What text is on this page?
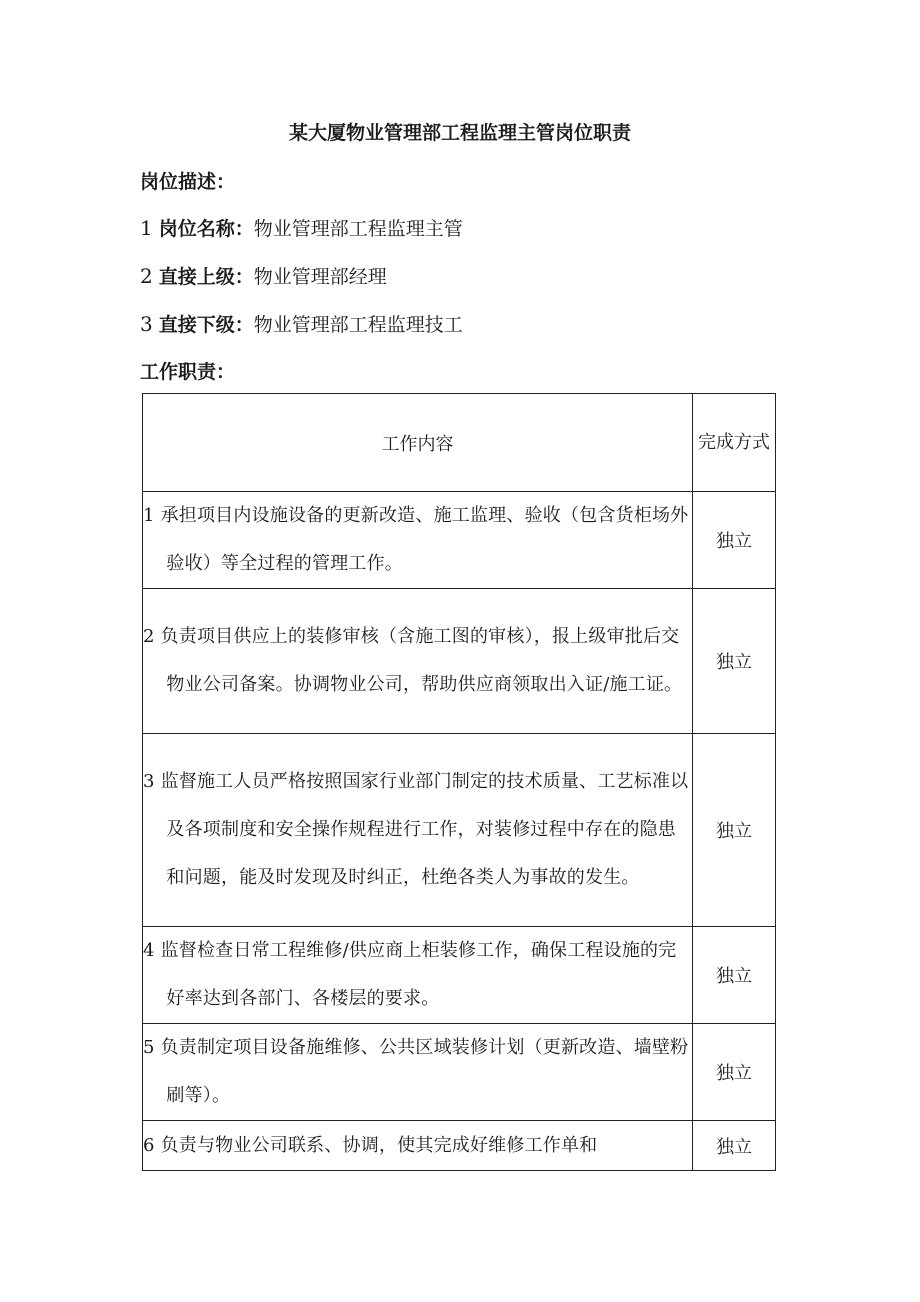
某大厦物业管理部工程监理主管岗位职责
岗位描述：
1 岗位名称：物业管理部工程监理主管
2 直接上级：物业管理部经理
3 直接下级：物业管理部工程监理技工
工作职责：
工作内容	完成方式

1 承担项目内设施设备的更新改造、施工监理、验收（包含货柜场外验收）等全过程的管理工作。	独立

2 负责项目供应上的装修审核（含施工图的审核），报上级审批后交物业公司备案。协调物业公司，帮助供应商领取出入证/施工证。	独立

3 监督施工人员严格按照国家行业部门制定的技术质量、工艺标准以及各项制度和安全操作规程进行工作，对装修过程中存在的隐患和问题，能及时发现及时纠正，杜绝各类人为事故的发生。	独立

4 监督检查日常工程维修/供应商上柜装修工作，确保工程设施的完好率达到各部门、各楼层的要求。	独立

5 负责制定项目设备施维修、公共区域装修计划（更新改造、墙壁粉刷等）。	独立

6 负责与物业公司联系、协调，使其完成好维修工作单和	独立
